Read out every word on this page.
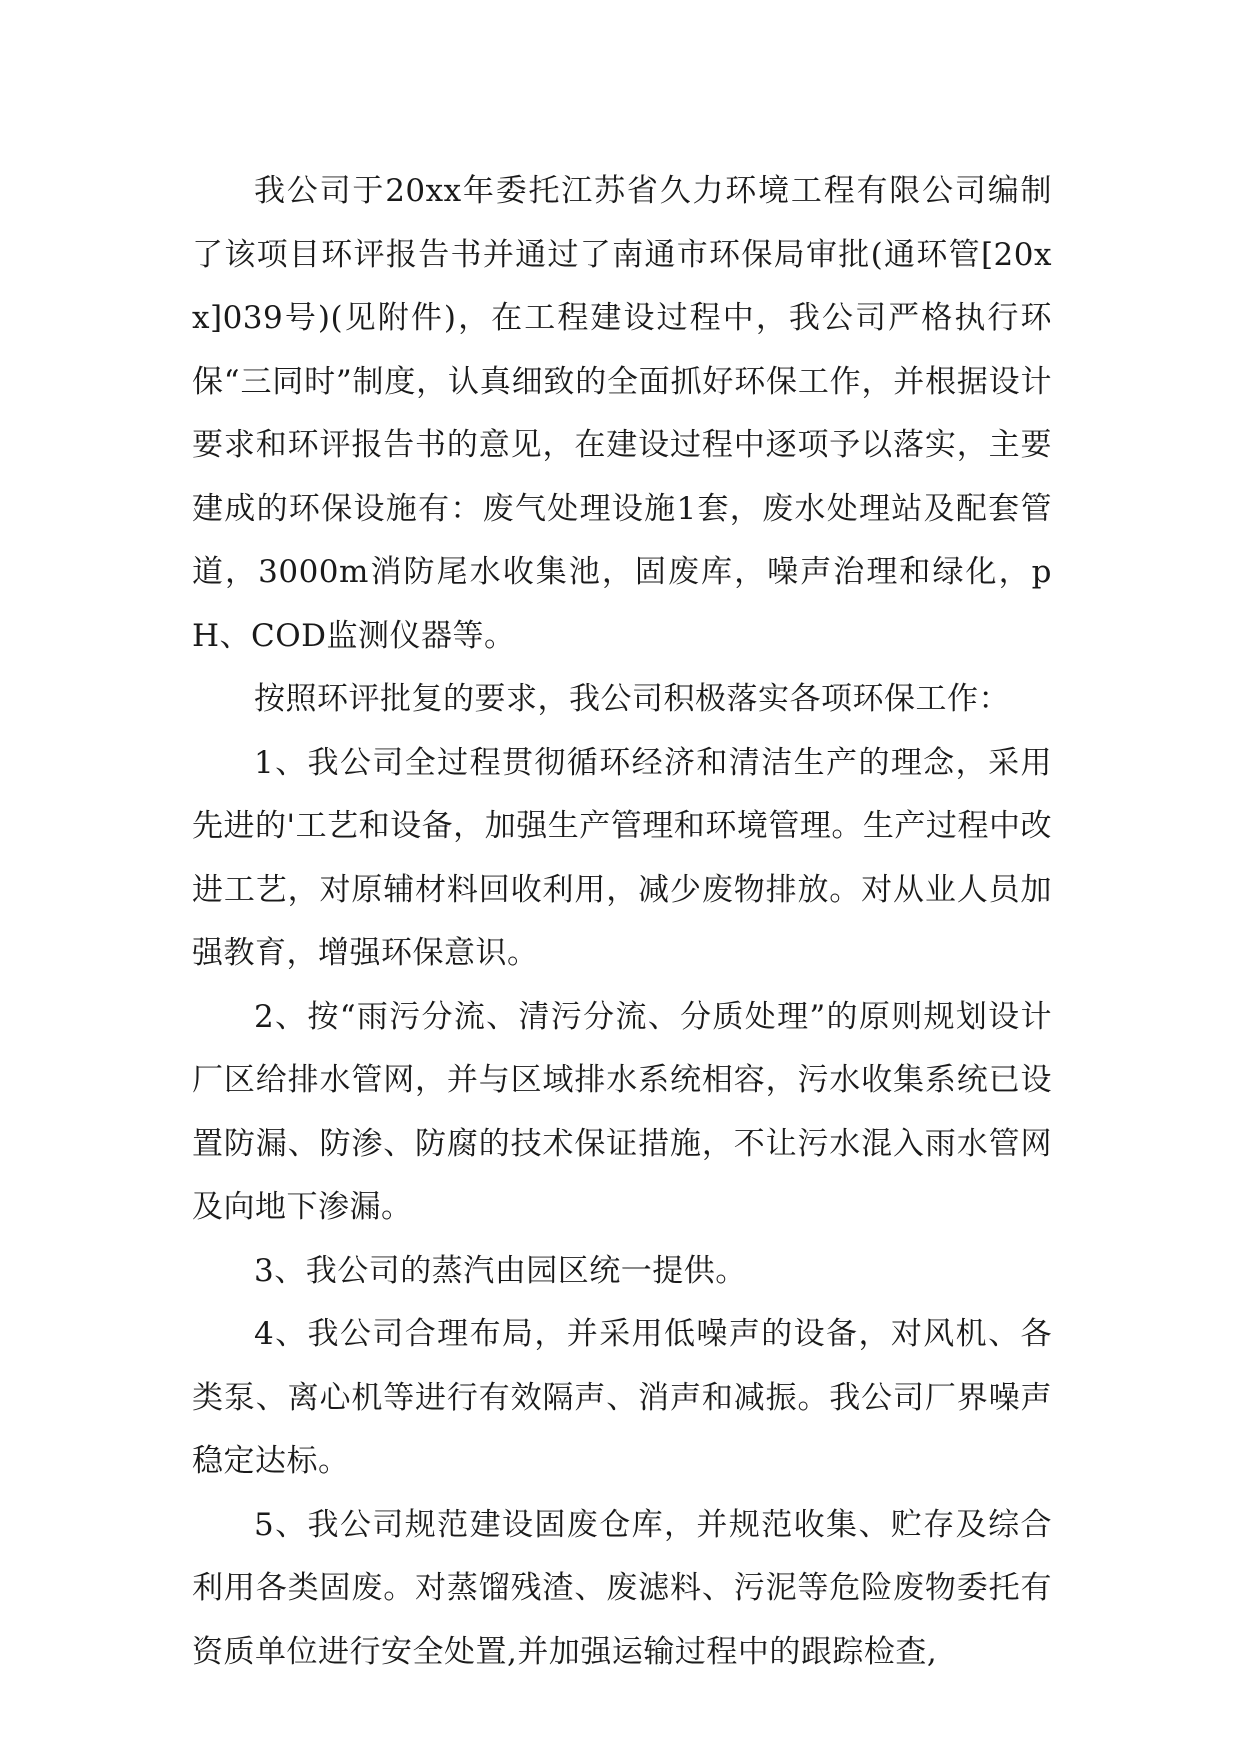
我公司于20xx年委托江苏省久力环境工程有限公司编制了该项目环评报告书并通过了南通市环保局审批(通环管[20xx]039号)(见附件)，在工程建设过程中，我公司严格执行环保“三同时”制度，认真细致的全面抓好环保工作，并根据设计要求和环评报告书的意见，在建设过程中逐项予以落实，主要建成的环保设施有：废气处理设施1套，废水处理站及配套管道，3000m消防尾水收集池，固废库，噪声治理和绿化，pH、COD监测仪器等。

按照环评批复的要求，我公司积极落实各项环保工作：

1、我公司全过程贯彻循环经济和清洁生产的理念，采用先进的'工艺和设备，加强生产管理和环境管理。生产过程中改进工艺，对原辅材料回收利用，减少废物排放。对从业人员加强教育，增强环保意识。

2、按“雨污分流、清污分流、分质处理”的原则规划设计厂区给排水管网，并与区域排水系统相容，污水收集系统已设置防漏、防渗、防腐的技术保证措施，不让污水混入雨水管网及向地下渗漏。

3、我公司的蒸汽由园区统一提供。

4、我公司合理布局，并采用低噪声的设备，对风机、各类泵、离心机等进行有效隔声、消声和减振。我公司厂界噪声稳定达标。

5、我公司规范建设固废仓库，并规范收集、贮存及综合利用各类固废。对蒸馏残渣、废滤料、污泥等危险废物委托有资质单位进行安全处置,并加强运输过程中的跟踪检查,
